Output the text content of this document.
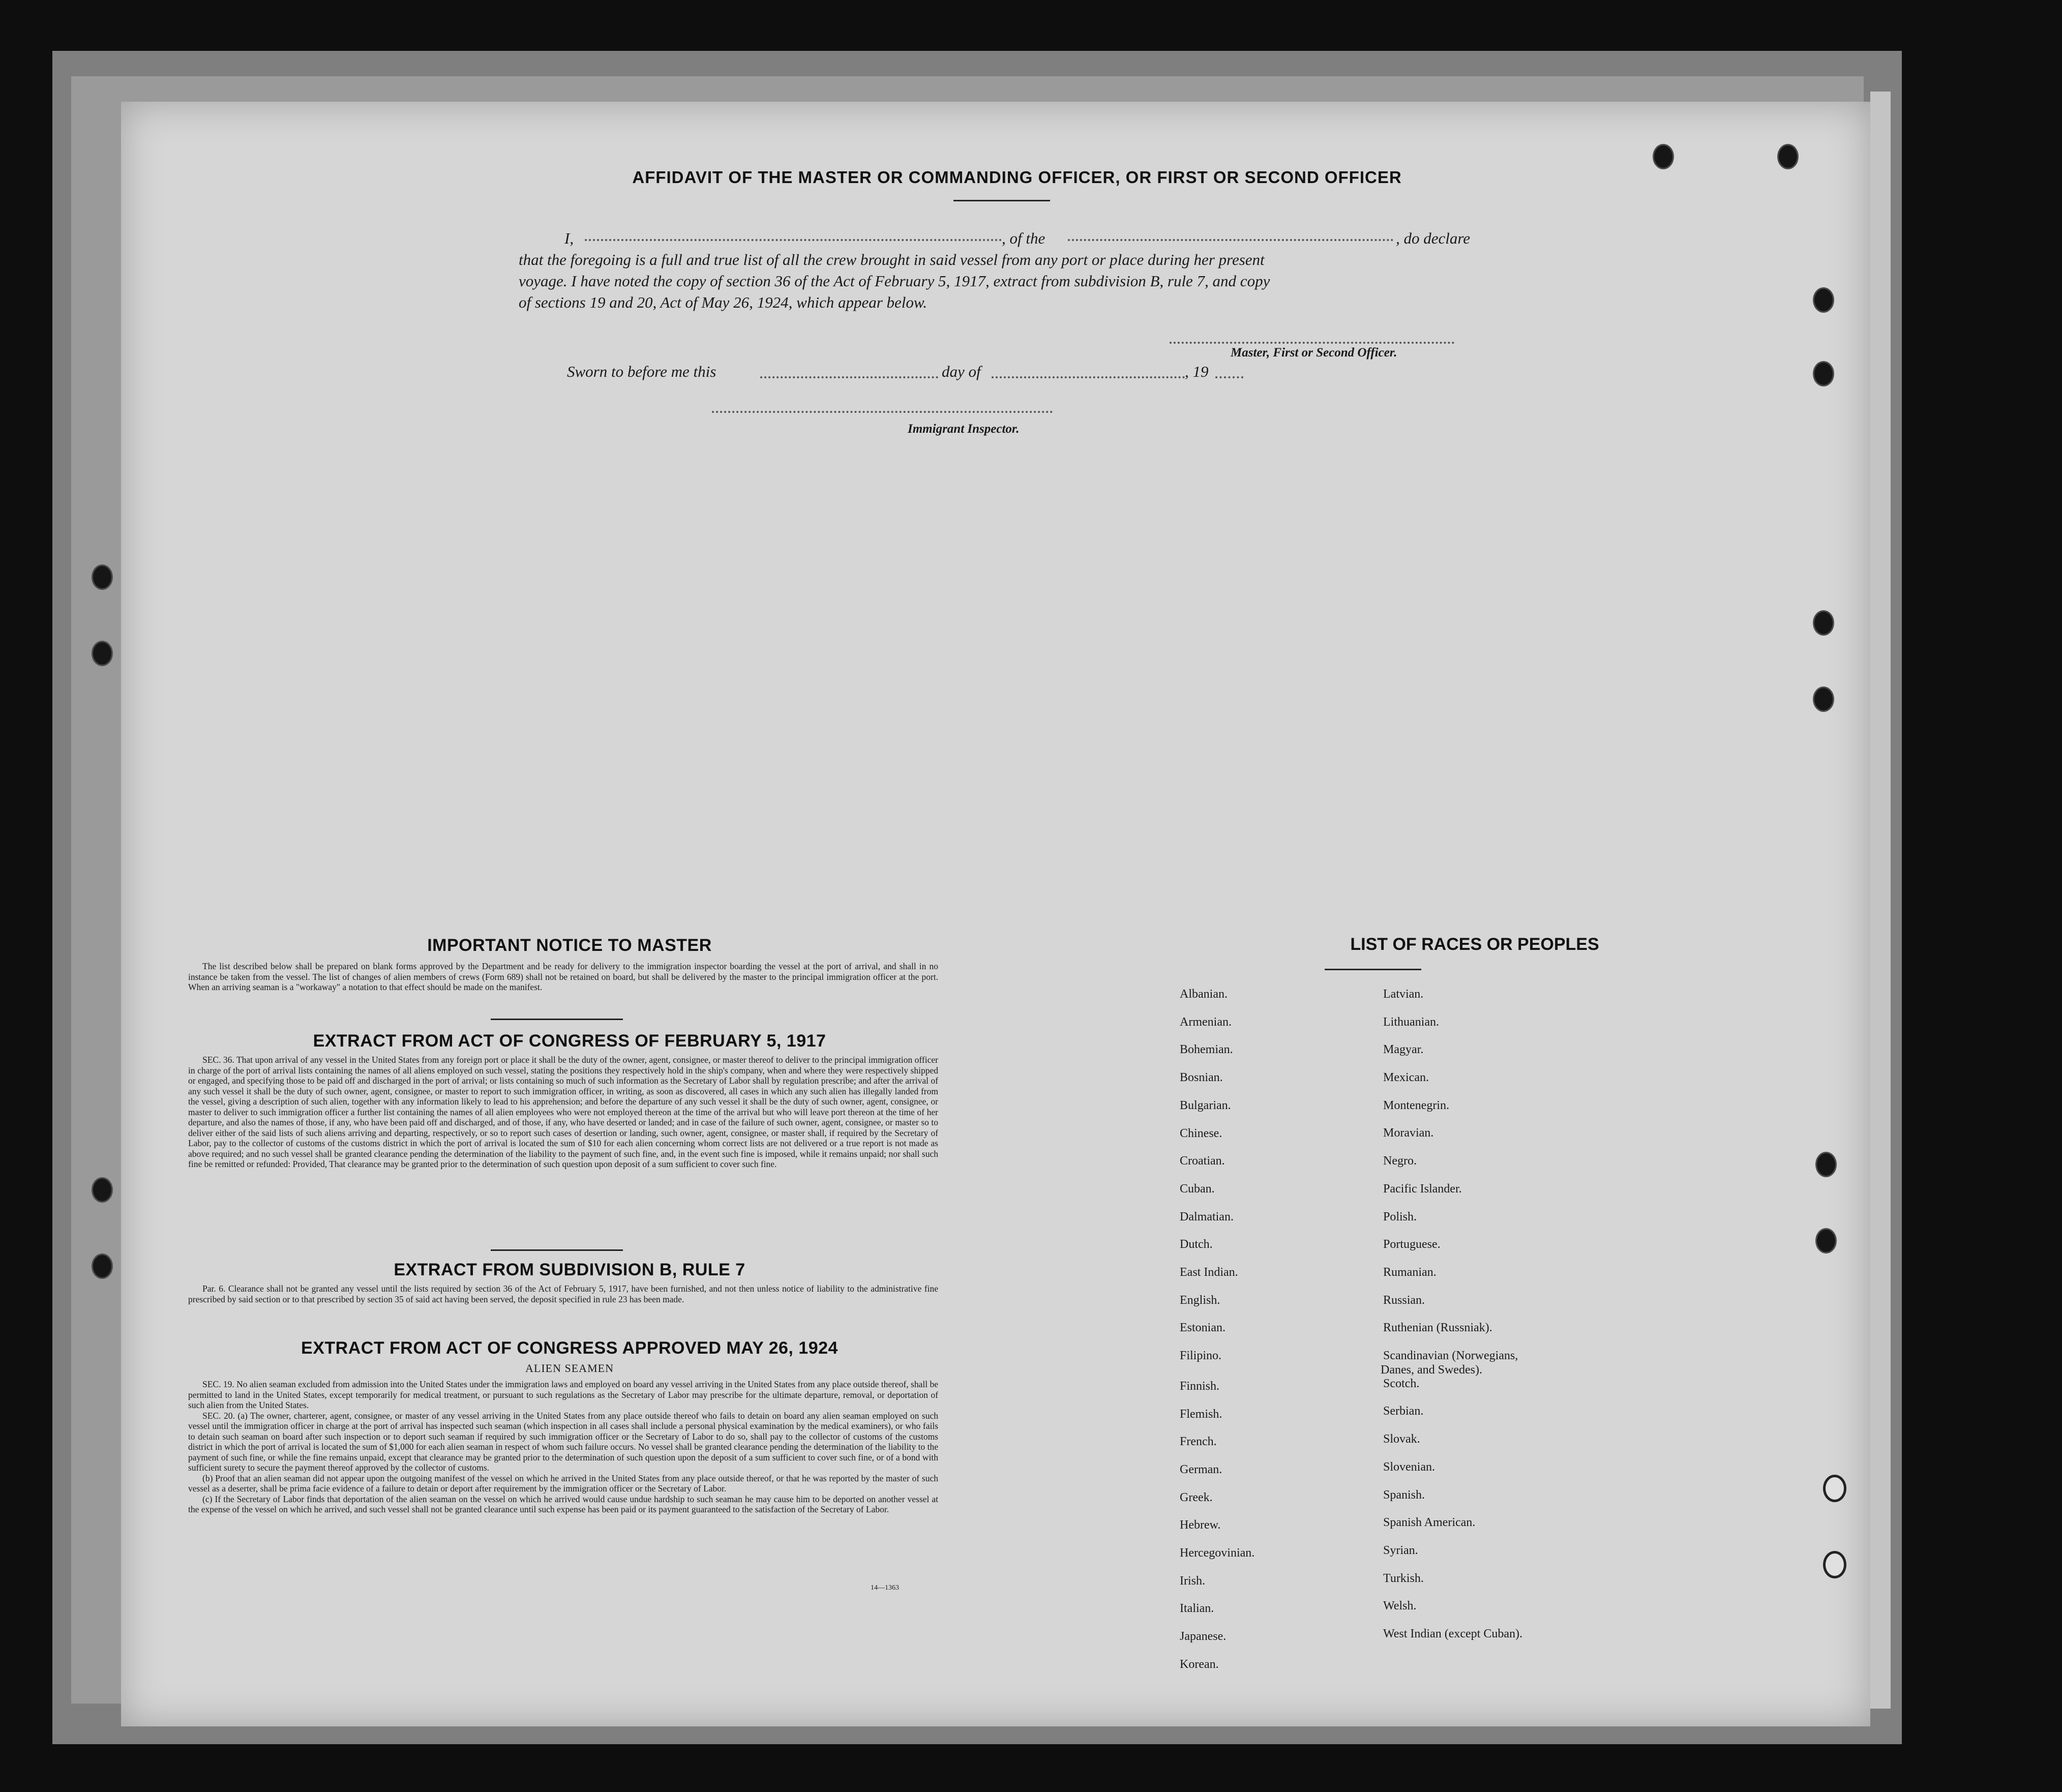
AFFIDAVIT OF THE MASTER OR COMMANDING OFFICER, OR FIRST OR SECOND OFFICER
I,	, of the	, do declare
that the foregoing is a full and true list of all the crew brought in said vessel from any port or place during her present
voyage. I have noted the copy of section 36 of the Act of February 5, 1917, extract from subdivision B, rule 7, and copy
of sections 19 and 20, Act of May 26, 1924, which appear below.
Master, First or Second Officer.
Sworn to before me this	day of	, 19
Immigrant Inspector.
IMPORTANT NOTICE TO MASTER

The list described below shall be prepared on blank forms approved by the Department and be ready for delivery to the immigration inspector boarding the vessel at the port of arrival, and shall in no instance be taken from the vessel. The list of changes of alien members of crews (Form 689) shall not be retained on board, but shall be delivered by the master to the principal immigration officer at the port. When an arriving seaman is a "workaway" a notation to that effect should be made on the manifest.

EXTRACT FROM ACT OF CONGRESS OF FEBRUARY 5, 1917

SEC. 36. That upon arrival of any vessel in the United States from any foreign port or place it shall be the duty of the owner, agent, consignee, or master thereof to deliver to the principal immigration officer in charge of the port of arrival lists containing the names of all aliens employed on such vessel, stating the positions they respectively hold in the ship's company, when and where they were respectively shipped or engaged, and specifying those to be paid off and discharged in the port of arrival; or lists containing so much of such information as the Secretary of Labor shall by regulation prescribe; and after the arrival of any such vessel it shall be the duty of such owner, agent, consignee, or master to report to such immigration officer, in writing, as soon as discovered, all cases in which any such alien has illegally landed from the vessel, giving a description of such alien, together with any information likely to lead to his apprehension; and before the departure of any such vessel it shall be the duty of such owner, agent, consignee, or master to deliver to such immigration officer a further list containing the names of all alien employees who were not employed thereon at the time of the arrival but who will leave port thereon at the time of her departure, and also the names of those, if any, who have been paid off and discharged, and of those, if any, who have deserted or landed; and in case of the failure of such owner, agent, consignee, or master so to deliver either of the said lists of such aliens arriving and departing, respectively, or so to report such cases of desertion or landing, such owner, agent, consignee, or master shall, if required by the Secretary of Labor, pay to the collector of customs of the customs district in which the port of arrival is located the sum of $10 for each alien concerning whom correct lists are not delivered or a true report is not made as above required; and no such vessel shall be granted clearance pending the determination of the liability to the payment of such fine, and, in the event such fine is imposed, while it remains unpaid; nor shall such fine be remitted or refunded: Provided, That clearance may be granted prior to the determination of such question upon deposit of a sum sufficient to cover such fine.

EXTRACT FROM SUBDIVISION B, RULE 7

Par. 6. Clearance shall not be granted any vessel until the lists required by section 36 of the Act of February 5, 1917, have been furnished, and not then unless notice of liability to the administrative fine prescribed by said section or to that prescribed by section 35 of said act having been served, the deposit specified in rule 23 has been made.

EXTRACT FROM ACT OF CONGRESS APPROVED MAY 26, 1924
ALIEN SEAMEN

SEC. 19. No alien seaman excluded from admission into the United States under the immigration laws and employed on board any vessel arriving in the United States from any place outside thereof, shall be permitted to land in the United States, except temporarily for medical treatment, or pursuant to such regulations as the Secretary of Labor may prescribe for the ultimate departure, removal, or deportation of such alien from the United States.

SEC. 20. (a) The owner, charterer, agent, consignee, or master of any vessel arriving in the United States from any place outside thereof who fails to detain on board any alien seaman employed on such vessel until the immigration officer in charge at the port of arrival has inspected such seaman (which inspection in all cases shall include a personal physical examination by the medical examiners), or who fails to detain such seaman on board after such inspection or to deport such seaman if required by such immigration officer or the Secretary of Labor to do so, shall pay to the collector of customs of the customs district in which the port of arrival is located the sum of $1,000 for each alien seaman in respect of whom such failure occurs. No vessel shall be granted clearance pending the determination of the liability to the payment of such fine, or while the fine remains unpaid, except that clearance may be granted prior to the determination of such question upon the deposit of a sum sufficient to cover such fine, or of a bond with sufficient surety to secure the payment thereof approved by the collector of customs.

(b) Proof that an alien seaman did not appear upon the outgoing manifest of the vessel on which he arrived in the United States from any place outside thereof, or that he was reported by the master of such vessel as a deserter, shall be prima facie evidence of a failure to detain or deport after requirement by the immigration officer or the Secretary of Labor.

(c) If the Secretary of Labor finds that deportation of the alien seaman on the vessel on which he arrived would cause undue hardship to such seaman he may cause him to be deported on another vessel at the expense of the vessel on which he arrived, and such vessel shall not be granted clearance until such expense has been paid or its payment guaranteed to the satisfaction of the Secretary of Labor.

14—1363
LIST OF RACES OR PEOPLES
Albanian.
Armenian.
Bohemian.
Bosnian.
Bulgarian.
Chinese.
Croatian.
Cuban.
Dalmatian.
Dutch.
East Indian.
English.
Estonian.
Filipino.
Finnish.
Flemish.
French.
German.
Greek.
Hebrew.
Hercegovinian.
Irish.
Italian.
Japanese.
Korean.
Latvian.
Lithuanian.
Magyar.
Mexican.
Montenegrin.
Moravian.
Negro.
Pacific Islander.
Polish.
Portuguese.
Rumanian.
Russian.
Ruthenian (Russniak).
Scandinavian (Norwegians,
Danes, and Swedes).
Scotch.
Serbian.
Slovak.
Slovenian.
Spanish.
Spanish American.
Syrian.
Turkish.
Welsh.
West Indian (except Cuban).
